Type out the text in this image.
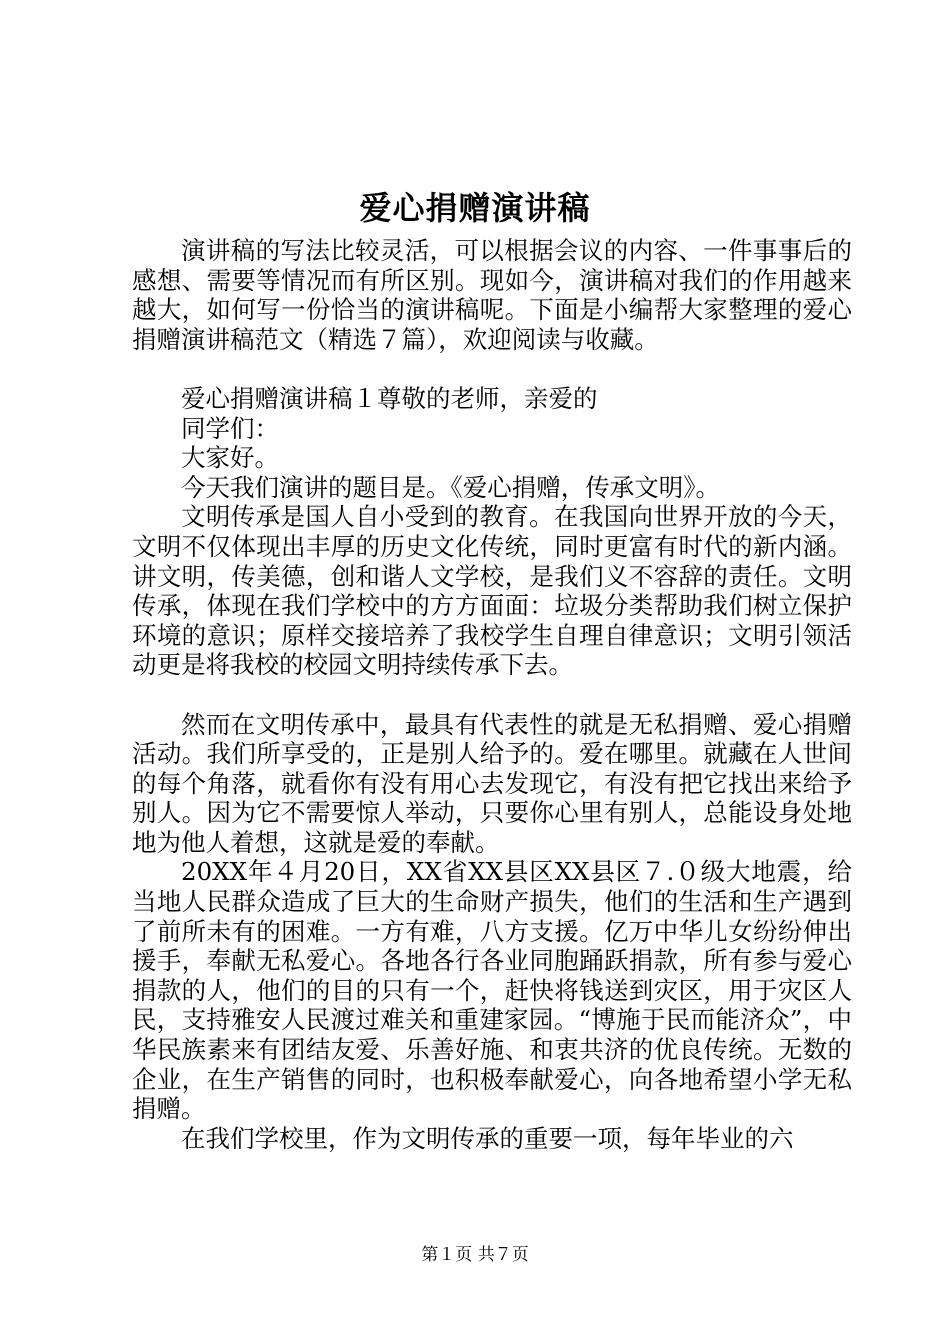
爱心捐赠演讲稿

演讲稿的写法比较灵活，可以根据会议的内容、一件事事后的感想、需要等情况而有所区别。现如今，演讲稿对我们的作用越来越大，如何写一份恰当的演讲稿呢。下面是小编帮大家整理的爱心捐赠演讲稿范文（精选７篇），欢迎阅读与收藏。

爱心捐赠演讲稿１尊敬的老师，亲爱的

同学们：

大家好。

今天我们演讲的题目是。《爱心捐赠，传承文明》。

文明传承是国人自小受到的教育。在我国向世界开放的今天，文明不仅体现出丰厚的历史文化传统，同时更富有时代的新内涵。讲文明，传美德，创和谐人文学校，是我们义不容辞的责任。文明传承，体现在我们学校中的方方面面：垃圾分类帮助我们树立保护环境的意识；原样交接培养了我校学生自理自律意识；文明引领活动更是将我校的校园文明持续传承下去。

然而在文明传承中，最具有代表性的就是无私捐赠、爱心捐赠活动。我们所享受的，正是别人给予的。爱在哪里。就藏在人世间的每个角落，就看你有没有用心去发现它，有没有把它找出来给予别人。因为它不需要惊人举动，只要你心里有别人，总能设身处地地为他人着想，这就是爱的奉献。

20XX年４月20日，XX省XX县区XX县区７.０级大地震，给当地人民群众造成了巨大的生命财产损失，他们的生活和生产遇到了前所未有的困难。一方有难，八方支援。亿万中华儿女纷纷伸出援手，奉献无私爱心。各地各行各业同胞踊跃捐款，所有参与爱心捐款的人，他们的目的只有一个，赶快将钱送到灾区，用于灾区人民，支持雅安人民渡过难关和重建家园。“博施于民而能济众”，中华民族素来有团结友爱、乐善好施、和衷共济的优良传统。无数的企业，在生产销售的同时，也积极奉献爱心，向各地希望小学无私捐赠。

在我们学校里，作为文明传承的重要一项，每年毕业的六

第１页 共７页
